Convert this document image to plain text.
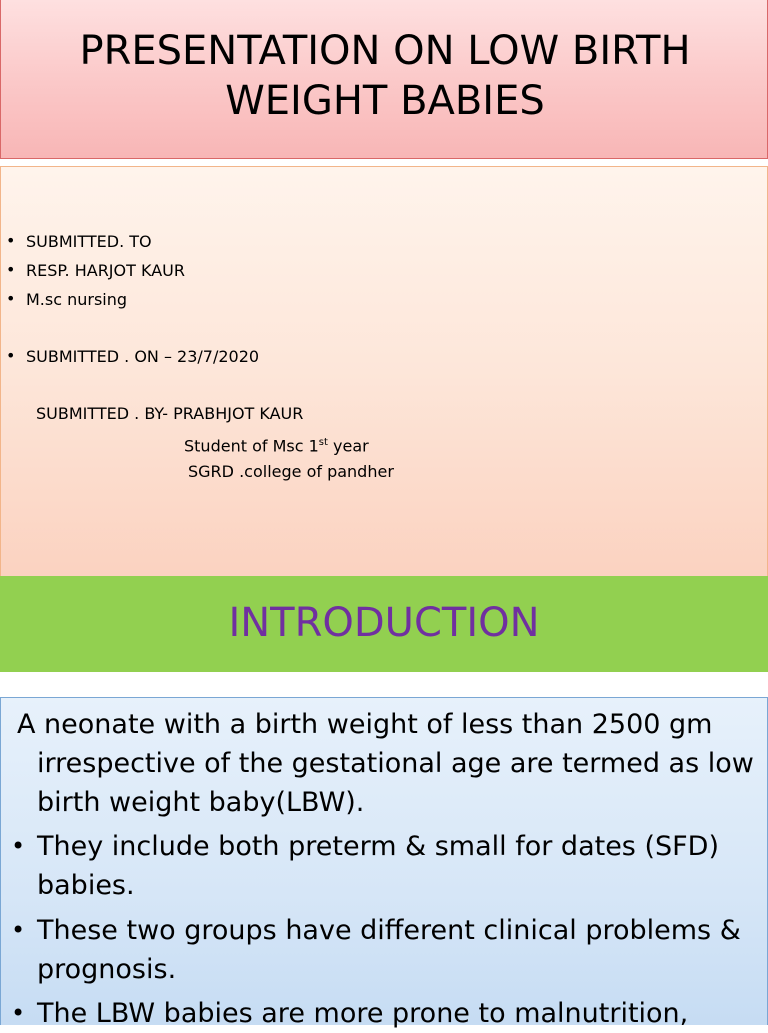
PRESENTATION ON LOW BIRTH
WEIGHT BABIES
• SUBMITTED. TO
• RESP. HARJOT KAUR
• M.sc nursing
• SUBMITTED . ON – 23/7/2020
SUBMITTED . BY- PRABHJOT KAUR
Student of Msc 1st year
SGRD .college of pandher
INTRODUCTION
A neonate with a birth weight of less than 2500 gm
irrespective of the gestational age are termed as low
birth weight baby(LBW).
• They include both preterm & small for dates (SFD)
babies.
• These two groups have different clinical problems &
prognosis.
• The LBW babies are more prone to malnutrition,
